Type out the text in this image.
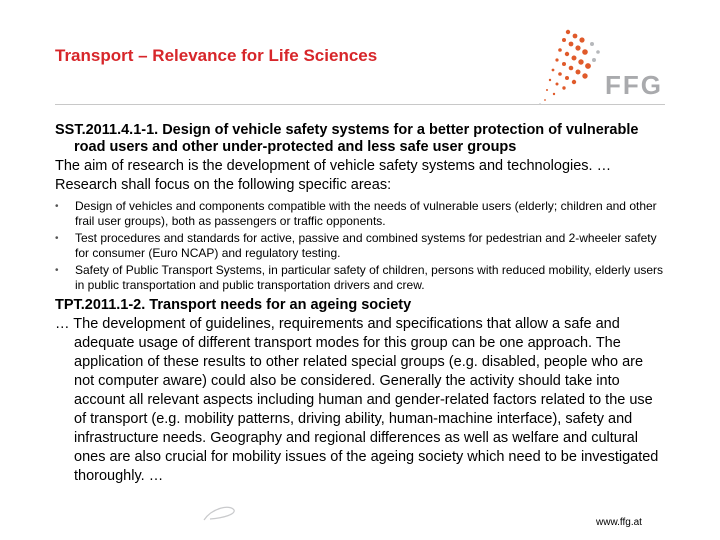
Transport – Relevance for Life Sciences
FFG

SST.2011.4.1-1. Design of vehicle safety systems for a better protection of vulnerable road users and other under-protected and less safe user groups

The aim of research is the development of vehicle safety systems and technologies. …

Research shall focus on the following specific areas:

• Design of vehicles and components compatible with the needs of vulnerable users (elderly; children and other frail user groups), both as passengers or traffic opponents.
• Test procedures and standards for active, passive and combined systems for pedestrian and 2-wheeler safety for consumer (Euro NCAP) and regulatory testing.
• Safety of Public Transport Systems, in particular safety of children, persons with reduced mobility, elderly users in public transportation and public transportation drivers and crew.

TPT.2011.1-2. Transport needs for an ageing society

… The development of guidelines, requirements and specifications that allow a safe and adequate usage of different transport modes for this group can be one approach. The application of these results to other related special groups (e.g. disabled, people who are not computer aware) could also be considered. Generally the activity should take into account all relevant aspects including human and gender-related factors related to the use of transport (e.g. mobility patterns, driving ability, human-machine interface), safety and infrastructure needs. Geography and regional differences as well as welfare and cultural ones are also crucial for mobility issues of the ageing society which need to be investigated thoroughly. …

www.ffg.at
